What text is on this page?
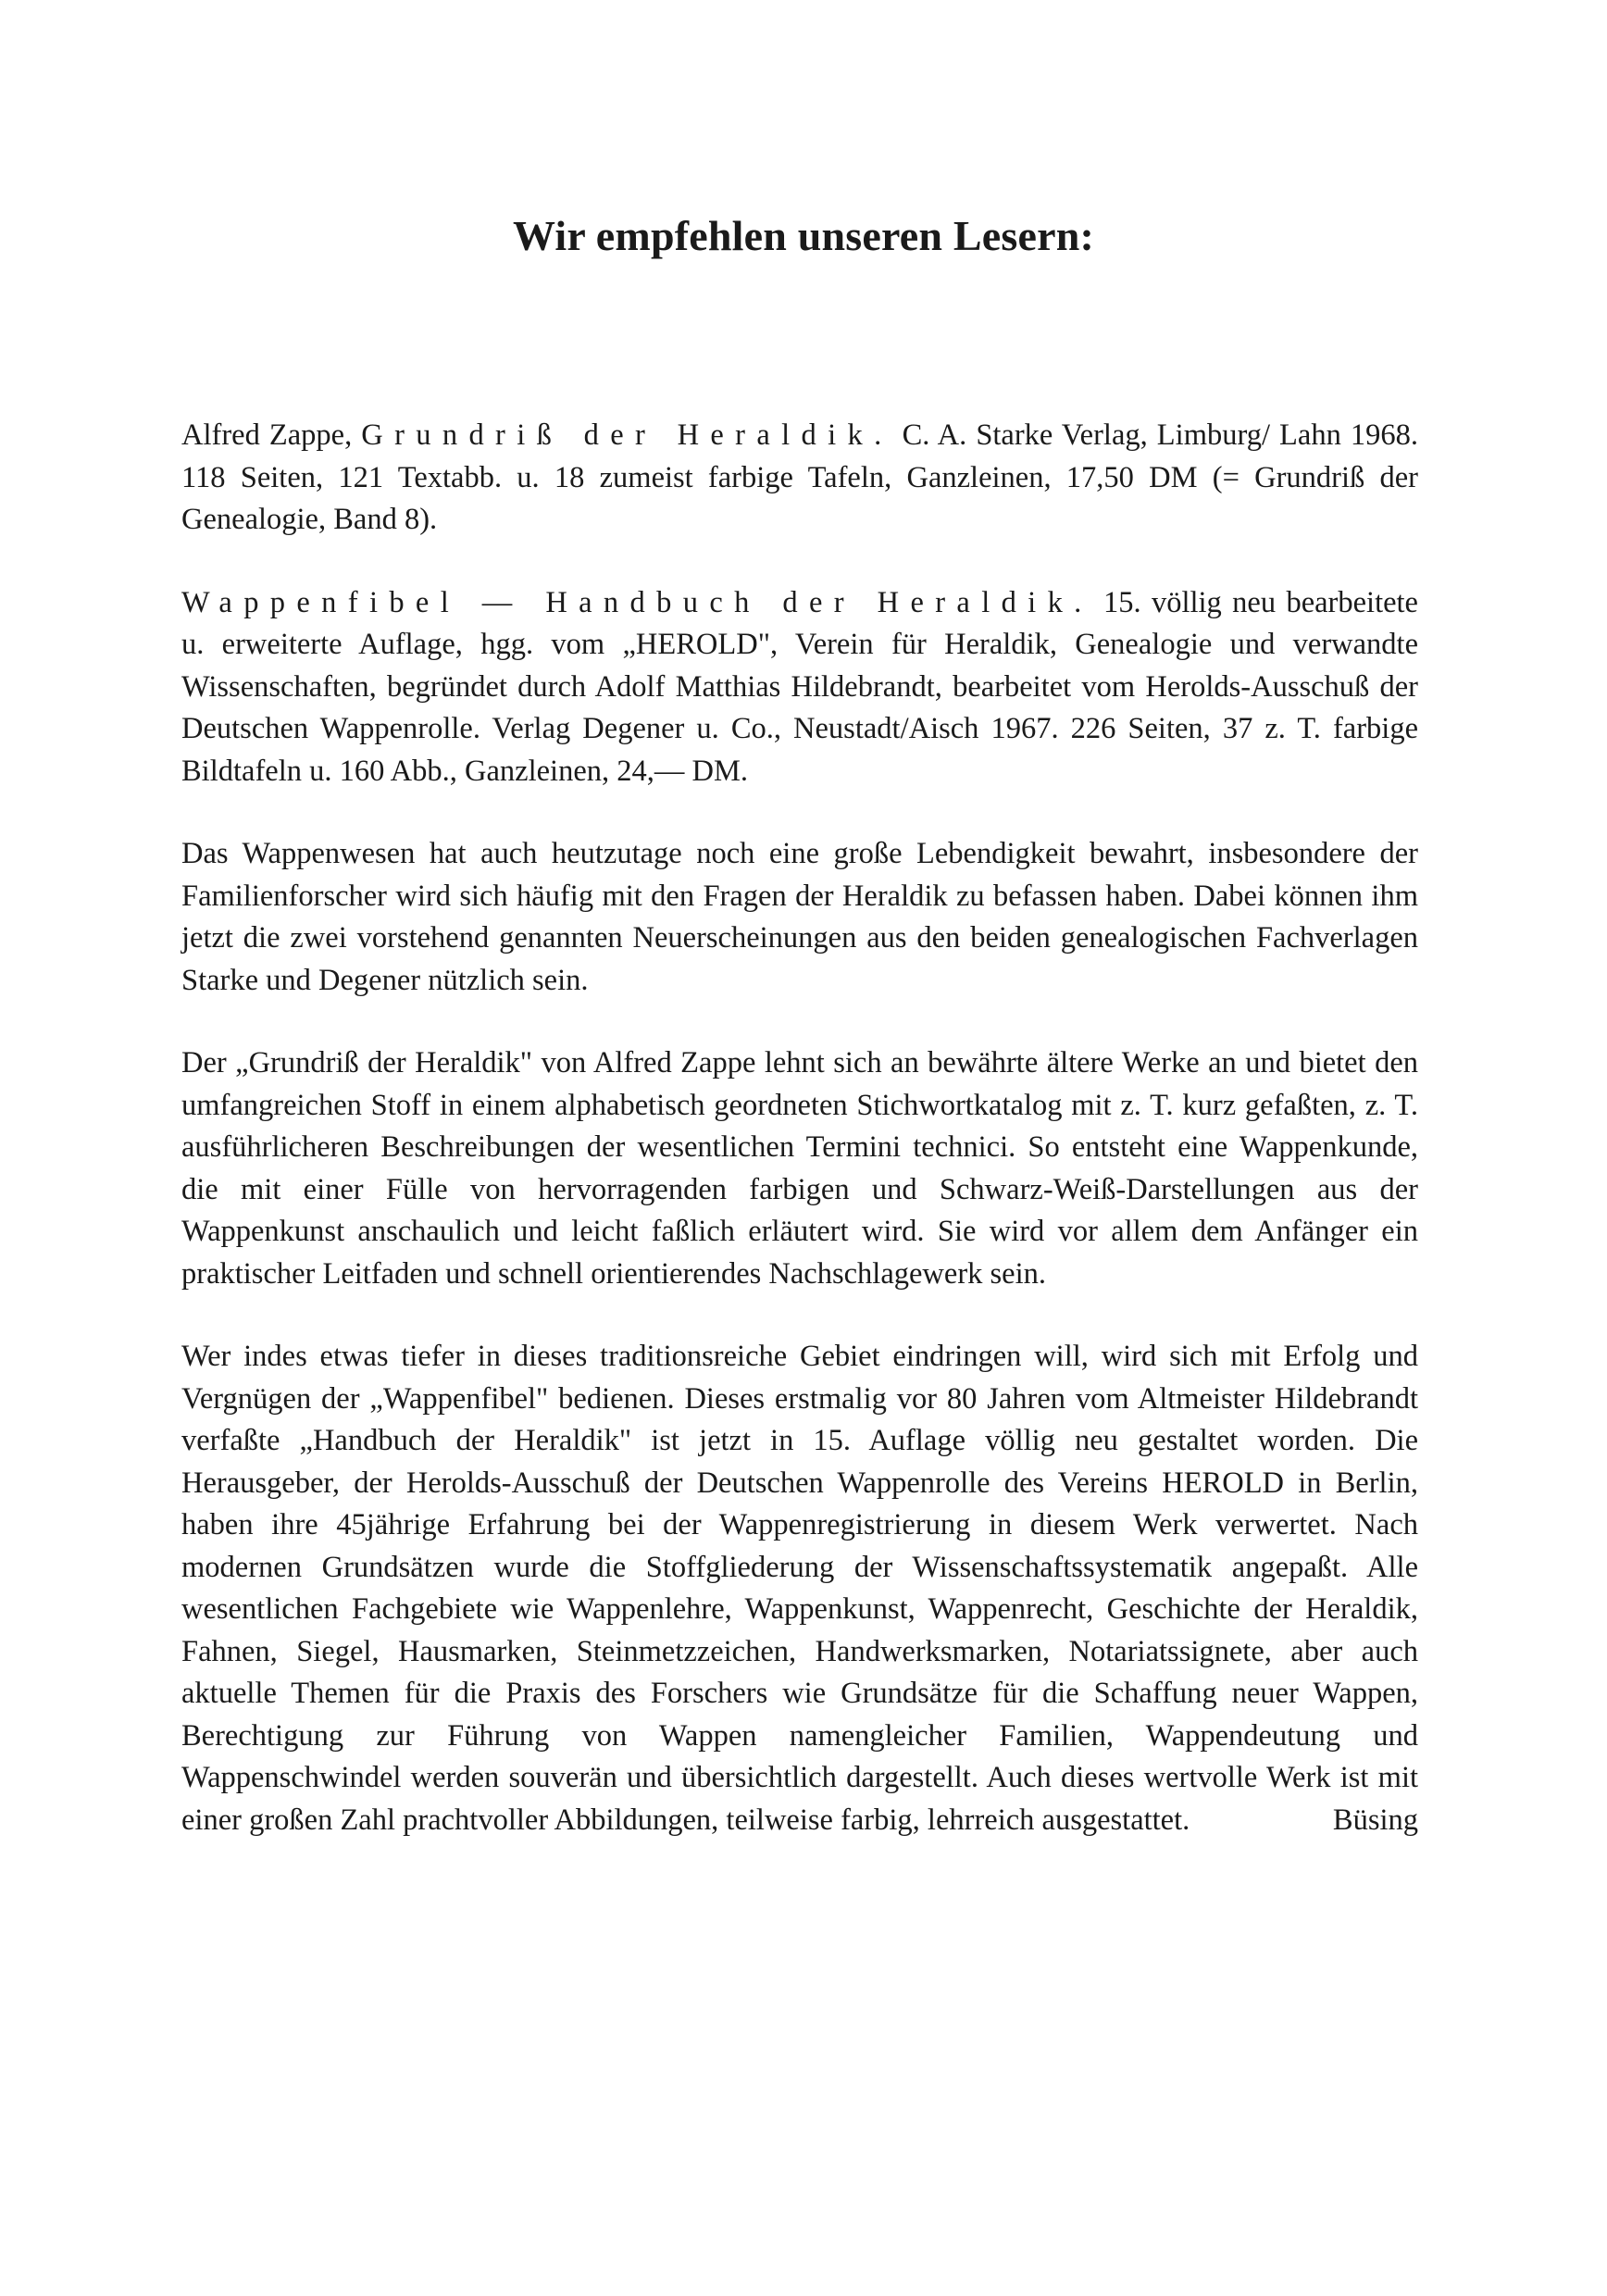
Wir empfehlen unseren Lesern:

Alfred Zappe, Grundriß der Heraldik. C. A. Starke Verlag, Limburg/ Lahn 1968. 118 Seiten, 121 Textabb. u. 18 zumeist farbige Tafeln, Ganzleinen, 17,50 DM (= Grundriß der Genealogie, Band 8).

Wappenfibel — Handbuch der Heraldik. 15. völlig neu bearbeitete u. erweiterte Auflage, hgg. vom „HEROLD", Verein für Heraldik, Genealogie und verwandte Wissenschaften, begründet durch Adolf Matthias Hildebrandt, bearbeitet vom Herolds-Ausschuß der Deutschen Wappenrolle. Verlag Degener u. Co., Neustadt/Aisch 1967. 226 Seiten, 37 z. T. farbige Bildtafeln u. 160 Abb., Ganzleinen, 24,— DM.

Das Wappenwesen hat auch heutzutage noch eine große Lebendigkeit bewahrt, insbesondere der Familienforscher wird sich häufig mit den Fragen der Heraldik zu befassen haben. Dabei können ihm jetzt die zwei vorstehend genannten Neuerscheinungen aus den beiden genealogischen Fachverlagen Starke und Degener nützlich sein.

Der „Grundriß der Heraldik" von Alfred Zappe lehnt sich an bewährte ältere Werke an und bietet den umfangreichen Stoff in einem alphabetisch geordneten Stichwortkatalog mit z. T. kurz gefaßten, z. T. ausführlicheren Beschreibungen der wesentlichen Termini technici. So entsteht eine Wappenkunde, die mit einer Fülle von hervorragenden farbigen und Schwarz-Weiß-Darstellungen aus der Wappenkunst anschaulich und leicht faßlich erläutert wird. Sie wird vor allem dem Anfänger ein praktischer Leitfaden und schnell orientierendes Nachschlagewerk sein.

Wer indes etwas tiefer in dieses traditionsreiche Gebiet eindringen will, wird sich mit Erfolg und Vergnügen der „Wappenfibel" bedienen. Dieses erstmalig vor 80 Jahren vom Altmeister Hildebrandt verfaßte „Handbuch der Heraldik" ist jetzt in 15. Auflage völlig neu gestaltet worden. Die Herausgeber, der Herolds-Ausschuß der Deutschen Wappenrolle des Vereins HEROLD in Berlin, haben ihre 45jährige Erfahrung bei der Wappenregistrierung in diesem Werk verwertet. Nach modernen Grundsätzen wurde die Stoffgliederung der Wissenschaftssystematik angepaßt. Alle wesentlichen Fachgebiete wie Wappenlehre, Wappenkunst, Wappenrecht, Geschichte der Heraldik, Fahnen, Siegel, Hausmarken, Steinmetzzeichen, Handwerksmarken, Notariatssignete, aber auch aktuelle Themen für die Praxis des Forschers wie Grundsätze für die Schaffung neuer Wappen, Berechtigung zur Führung von Wappen namengleicher Familien, Wappendeutung und Wappenschwindel werden souverän und übersichtlich dargestellt. Auch dieses wertvolle Werk ist mit einer großen Zahl prachtvoller Abbildungen, teilweise farbig, lehrreich ausgestattet.	Büsing
